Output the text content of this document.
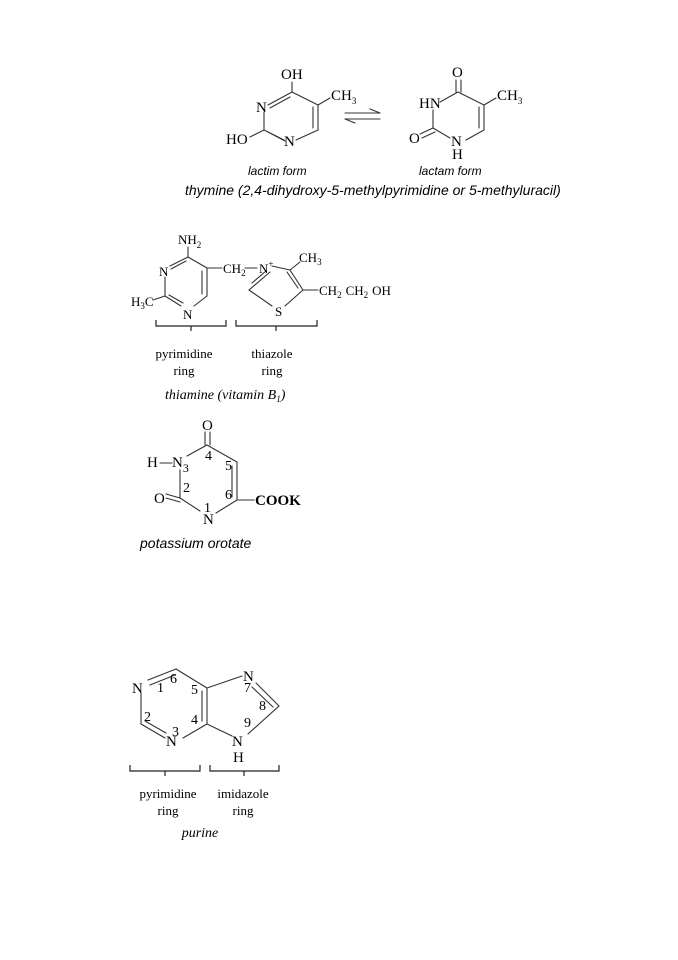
OH
$CH_3$
N
N
HO
O
$CH_3$
HN
O N
H
lactim form	lactam form
thymine (2,4-dihydroxy-5-methylpyrimidine or 5-methyluracil)
$NH_2$
N
N
$H_3C$
$CH_2$ N+ $CH_3$
$CH_2$ $CH_2$ OH
S
pyrimidine
ring
thiazole
ring
thiamine (vitamin $B_1$)
O
H $N_3$
O
N
1
2
4
5
6 COOK
potassium orotate
N 1
2
N
3
4
5
6	N
7
8
N
9
H
pyrimidine
ring
imidazole
ring
purine
